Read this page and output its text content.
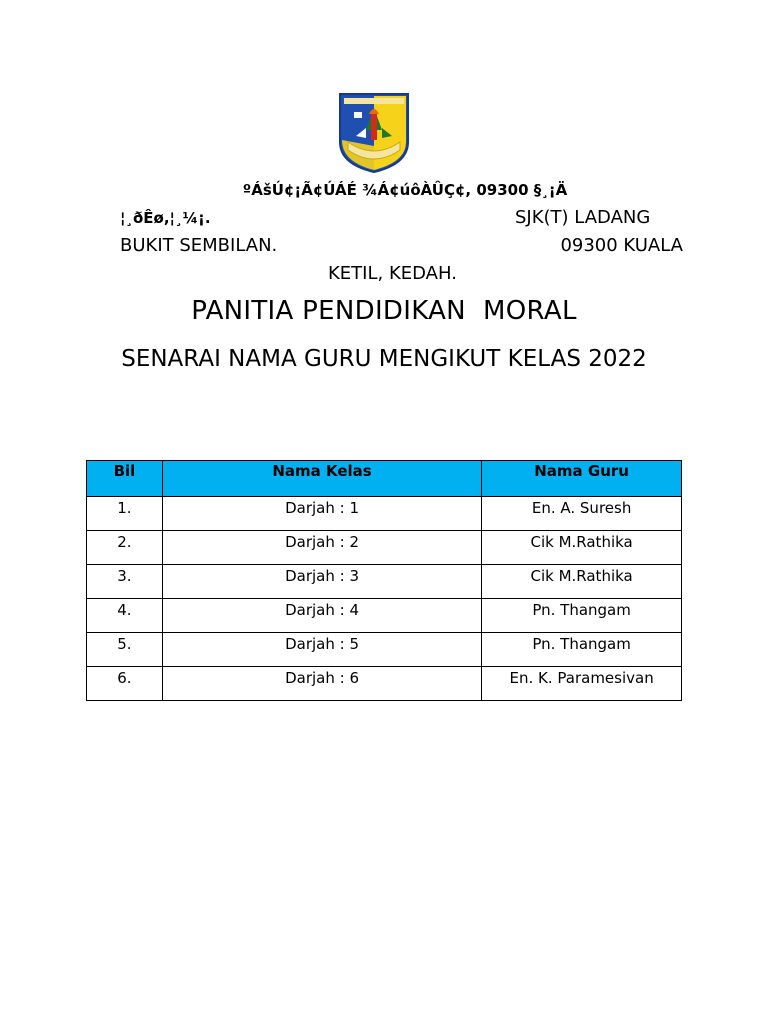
ºÁšÚ¢¡Ã¢ÚÁÉ ¾Á¢úôÀÛÇ¢, 09300 §¸¡Ä
¦¸ðÊø,¦¸¼¡.	SJK(T) LADANG
BUKIT SEMBILAN.	09300 KUALA
KETIL, KEDAH.
PANITIA PENDIDIKAN  MORAL
SENARAI NAMA GURU MENGIKUT KELAS 2022
Bil	Nama Kelas	Nama Guru
1.	Darjah : 1	En. A. Suresh
2.	Darjah : 2	Cik M.Rathika
3.	Darjah : 3	Cik M.Rathika
4.	Darjah : 4	Pn. Thangam
5.	Darjah : 5	Pn. Thangam
6.	Darjah : 6	En. K. Paramesivan
